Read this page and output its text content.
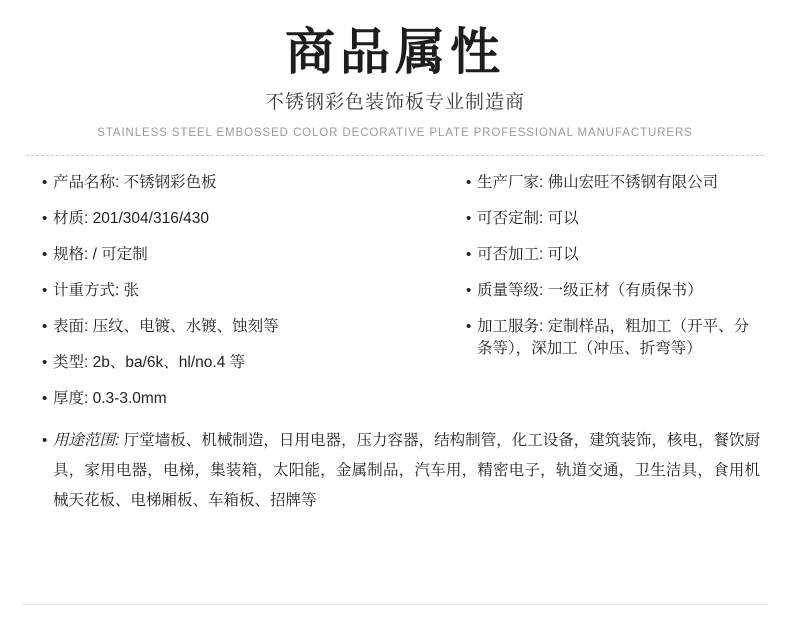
商品属性

不锈钢彩色装饰板专业制造商

STAINLESS STEEL EMBOSSED COLOR DECORATIVE PLATE PROFESSIONAL MANUFACTURERS

• 产品名称: 不锈钢彩色板
• 材质: 201/304/316/430
• 规格: / 可定制
• 计重方式: 张
• 表面: 压纹、电镀、水镀、蚀刻等
• 类型: 2b、ba/6k、hl/no.4 等
• 厚度: 0.3-3.0mm
• 生产厂家: 佛山宏旺不锈钢有限公司
• 可否定制: 可以
• 可否加工: 可以
• 质量等级: 一级正材（有质保书）
• 加工服务: 定制样品，粗加工（开平、分条等），深加工（冲压、折弯等）
• 用途范围: 厅堂墙板、机械制造，日用电器，压力容器，结构制管，化工设备，建筑装饰，核电，餐饮厨具，家用电器，电梯，集装箱，太阳能，金属制品，汽车用，精密电子，轨道交通，卫生洁具，食用机械天花板、电梯厢板、车箱板、招牌等
